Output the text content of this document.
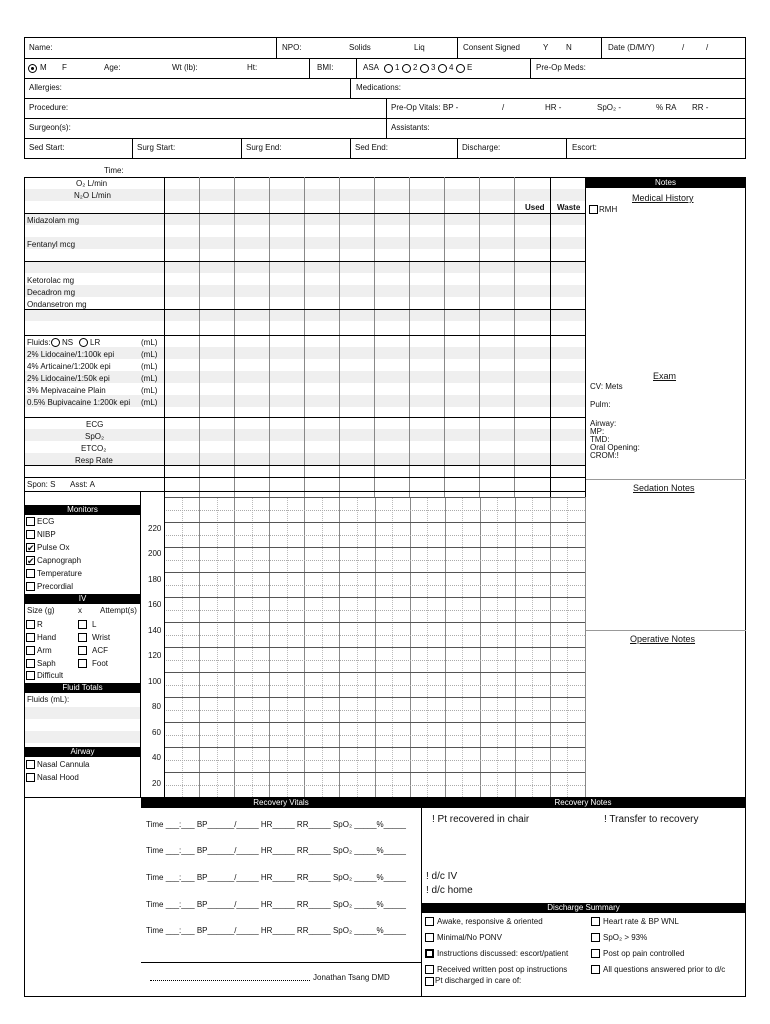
Name:	NPO:	Solids	Liq	Consent Signed	Y N	Date (D/M/Y)	/	/
M F	Age:	Wt (lb):	Ht:	BMI:	ASA 1 2 3 4 E	Pre-Op Meds:
Allergies:	Medications:
Procedure:	Pre-Op Vitals: BP -	/	HR -	SpO₂ -	% RA RR -
Surgeon(s):	Assistants:
Sed Start:	Surg Start:	Surg End:	Sed End:	Discharge:	Escort:
Time:
O₂ L/min
N₂O L/min
Used Waste
Midazolam mg
Fentanyl mcg
Ketorolac mg
Decadron mg
Ondansetron mg
Fluids: NS LR	(mL)
2% Lidocaine/1:100k epi	(mL)
4% Articaine/1:200k epi	(mL)
2% Lidocaine/1:50k epi	(mL)
3% Mepivacaine Plain	(mL)
0.5% Bupivacaine 1:200k epi (mL)
ECG
SpO₂
ETCO₂
Resp Rate
Spon: S Asst: A
Notes
Medical History
RMH
Exam
CV: Mets
Pulm:
Airway:
MP:
TMD:
Oral Opening:
CROM:!
Sedation Notes
Operative Notes
Monitors
ECG
NIBP
✔ Pulse Ox
✔ Capnograph
Temperature
Precordial
IV
Size (g)	x Attempt(s)
R	L
Hand	Wrist
Arm	ACF
Saph	Foot
Difficult
Fluid Totals
Fluids (mL):
Airway
Nasal Cannula
Nasal Hood
220
200
180
160
140
120
100
80
60
40
20
Recovery Vitals	Recovery Notes
Time ___:___ BP______/_____ HR_____ RR_____ SpO₂ _____%_____
Time ___:___ BP______/_____ HR_____ RR_____ SpO₂ _____%_____
Time ___:___ BP______/_____ HR_____ RR_____ SpO₂ _____%_____
Time ___:___ BP______/_____ HR_____ RR_____ SpO₂ _____%_____
Time ___:___ BP______/_____ HR_____ RR_____ SpO₂ _____%_____
Jonathan Tsang DMD
! Pt recovered in chair	! Transfer to recovery
! d/c IV
! d/c home
Discharge Summary
Awake, responsive & oriented
Minimal/No PONV
Instructions discussed: escort/patient
Received written post op instructions
Pt discharged in care of:
Heart rate & BP WNL
SpO₂ > 93%
Post op pain controlled
All questions answered prior to d/c
